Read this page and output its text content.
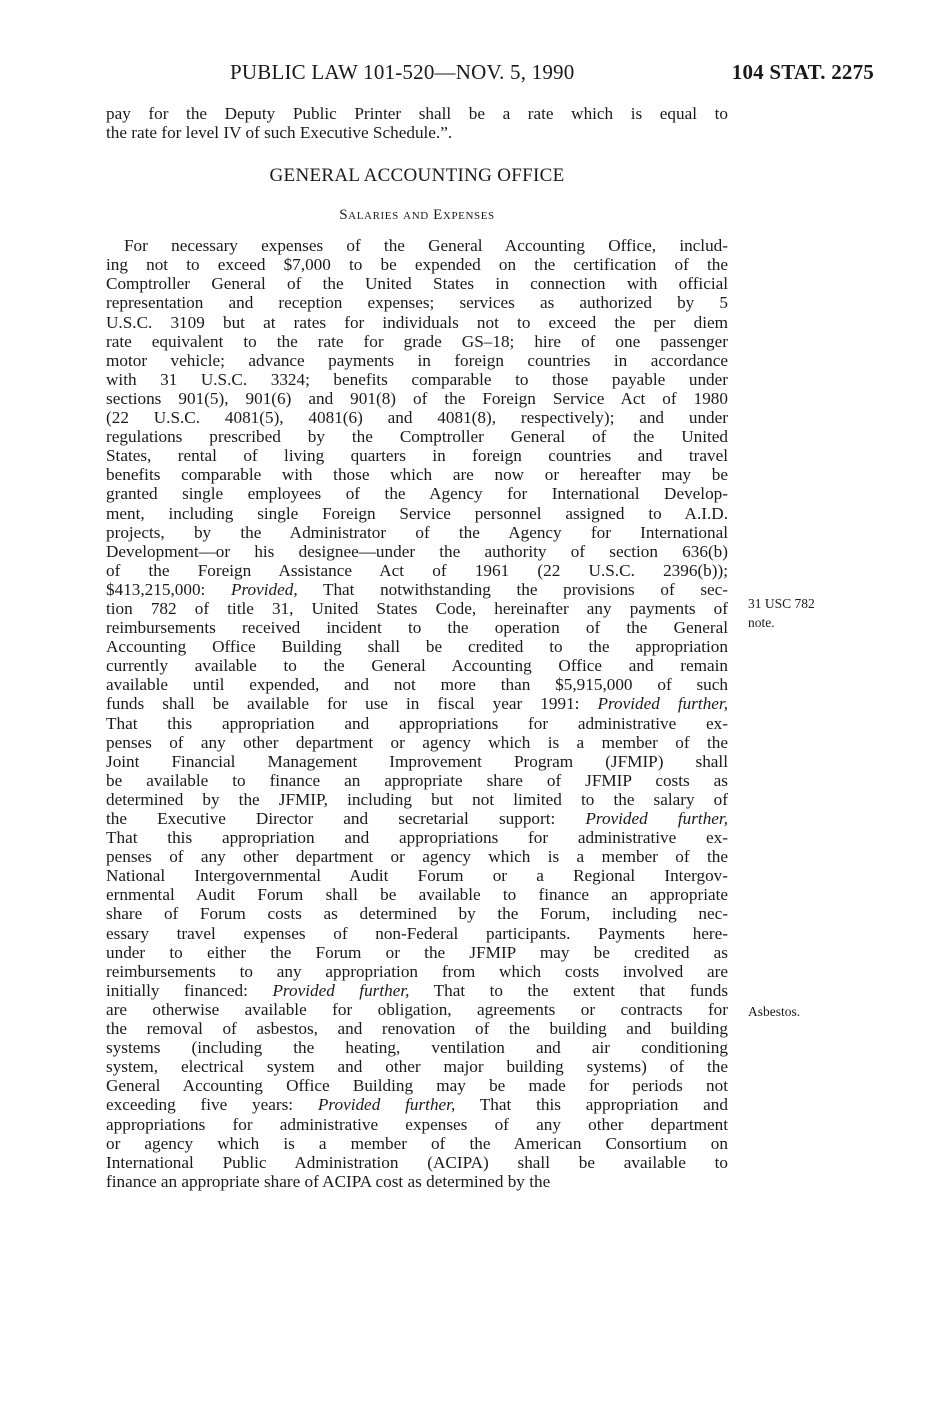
PUBLIC LAW 101-520—NOV. 5, 1990	104 STAT. 2275
pay for the Deputy Public Printer shall be a rate which is equal to
the rate for level IV of such Executive Schedule.”.
GENERAL ACCOUNTING OFFICE
Salaries and Expenses
For necessary expenses of the General Accounting Office, includ-
ing not to exceed $7,000 to be expended on the certification of the
Comptroller General of the United States in connection with official
representation and reception expenses; services as authorized by 5
U.S.C. 3109 but at rates for individuals not to exceed the per diem
rate equivalent to the rate for grade GS–18; hire of one passenger
motor vehicle; advance payments in foreign countries in accordance
with 31 U.S.C. 3324; benefits comparable to those payable under
sections 901(5), 901(6) and 901(8) of the Foreign Service Act of 1980
(22 U.S.C. 4081(5), 4081(6) and 4081(8), respectively); and under
regulations prescribed by the Comptroller General of the United
States, rental of living quarters in foreign countries and travel
benefits comparable with those which are now or hereafter may be
granted single employees of the Agency for International Develop-
ment, including single Foreign Service personnel assigned to A.I.D.
projects, by the Administrator of the Agency for International
Development—or his designee—under the authority of section 636(b)
of the Foreign Assistance Act of 1961 (22 U.S.C. 2396(b));
$413,215,000: Provided, That notwithstanding the provisions of sec-
tion 782 of title 31, United States Code, hereinafter any payments of
reimbursements received incident to the operation of the General
Accounting Office Building shall be credited to the appropriation
currently available to the General Accounting Office and remain
available until expended, and not more than $5,915,000 of such
funds shall be available for use in fiscal year 1991: Provided further,
That this appropriation and appropriations for administrative ex-
penses of any other department or agency which is a member of the
Joint Financial Management Improvement Program (JFMIP) shall
be available to finance an appropriate share of JFMIP costs as
determined by the JFMIP, including but not limited to the salary of
the Executive Director and secretarial support: Provided further,
That this appropriation and appropriations for administrative ex-
penses of any other department or agency which is a member of the
National Intergovernmental Audit Forum or a Regional Intergov-
ernmental Audit Forum shall be available to finance an appropriate
share of Forum costs as determined by the Forum, including nec-
essary travel expenses of non-Federal participants. Payments here-
under to either the Forum or the JFMIP may be credited as
reimbursements to any appropriation from which costs involved are
initially financed: Provided further, That to the extent that funds
are otherwise available for obligation, agreements or contracts for
the removal of asbestos, and renovation of the building and building
systems (including the heating, ventilation and air conditioning
system, electrical system and other major building systems) of the
General Accounting Office Building may be made for periods not
exceeding five years: Provided further, That this appropriation and
appropriations for administrative expenses of any other department
or agency which is a member of the American Consortium on
International Public Administration (ACIPA) shall be available to
finance an appropriate share of ACIPA cost as determined by the
31 USC 782
note.
Asbestos.
